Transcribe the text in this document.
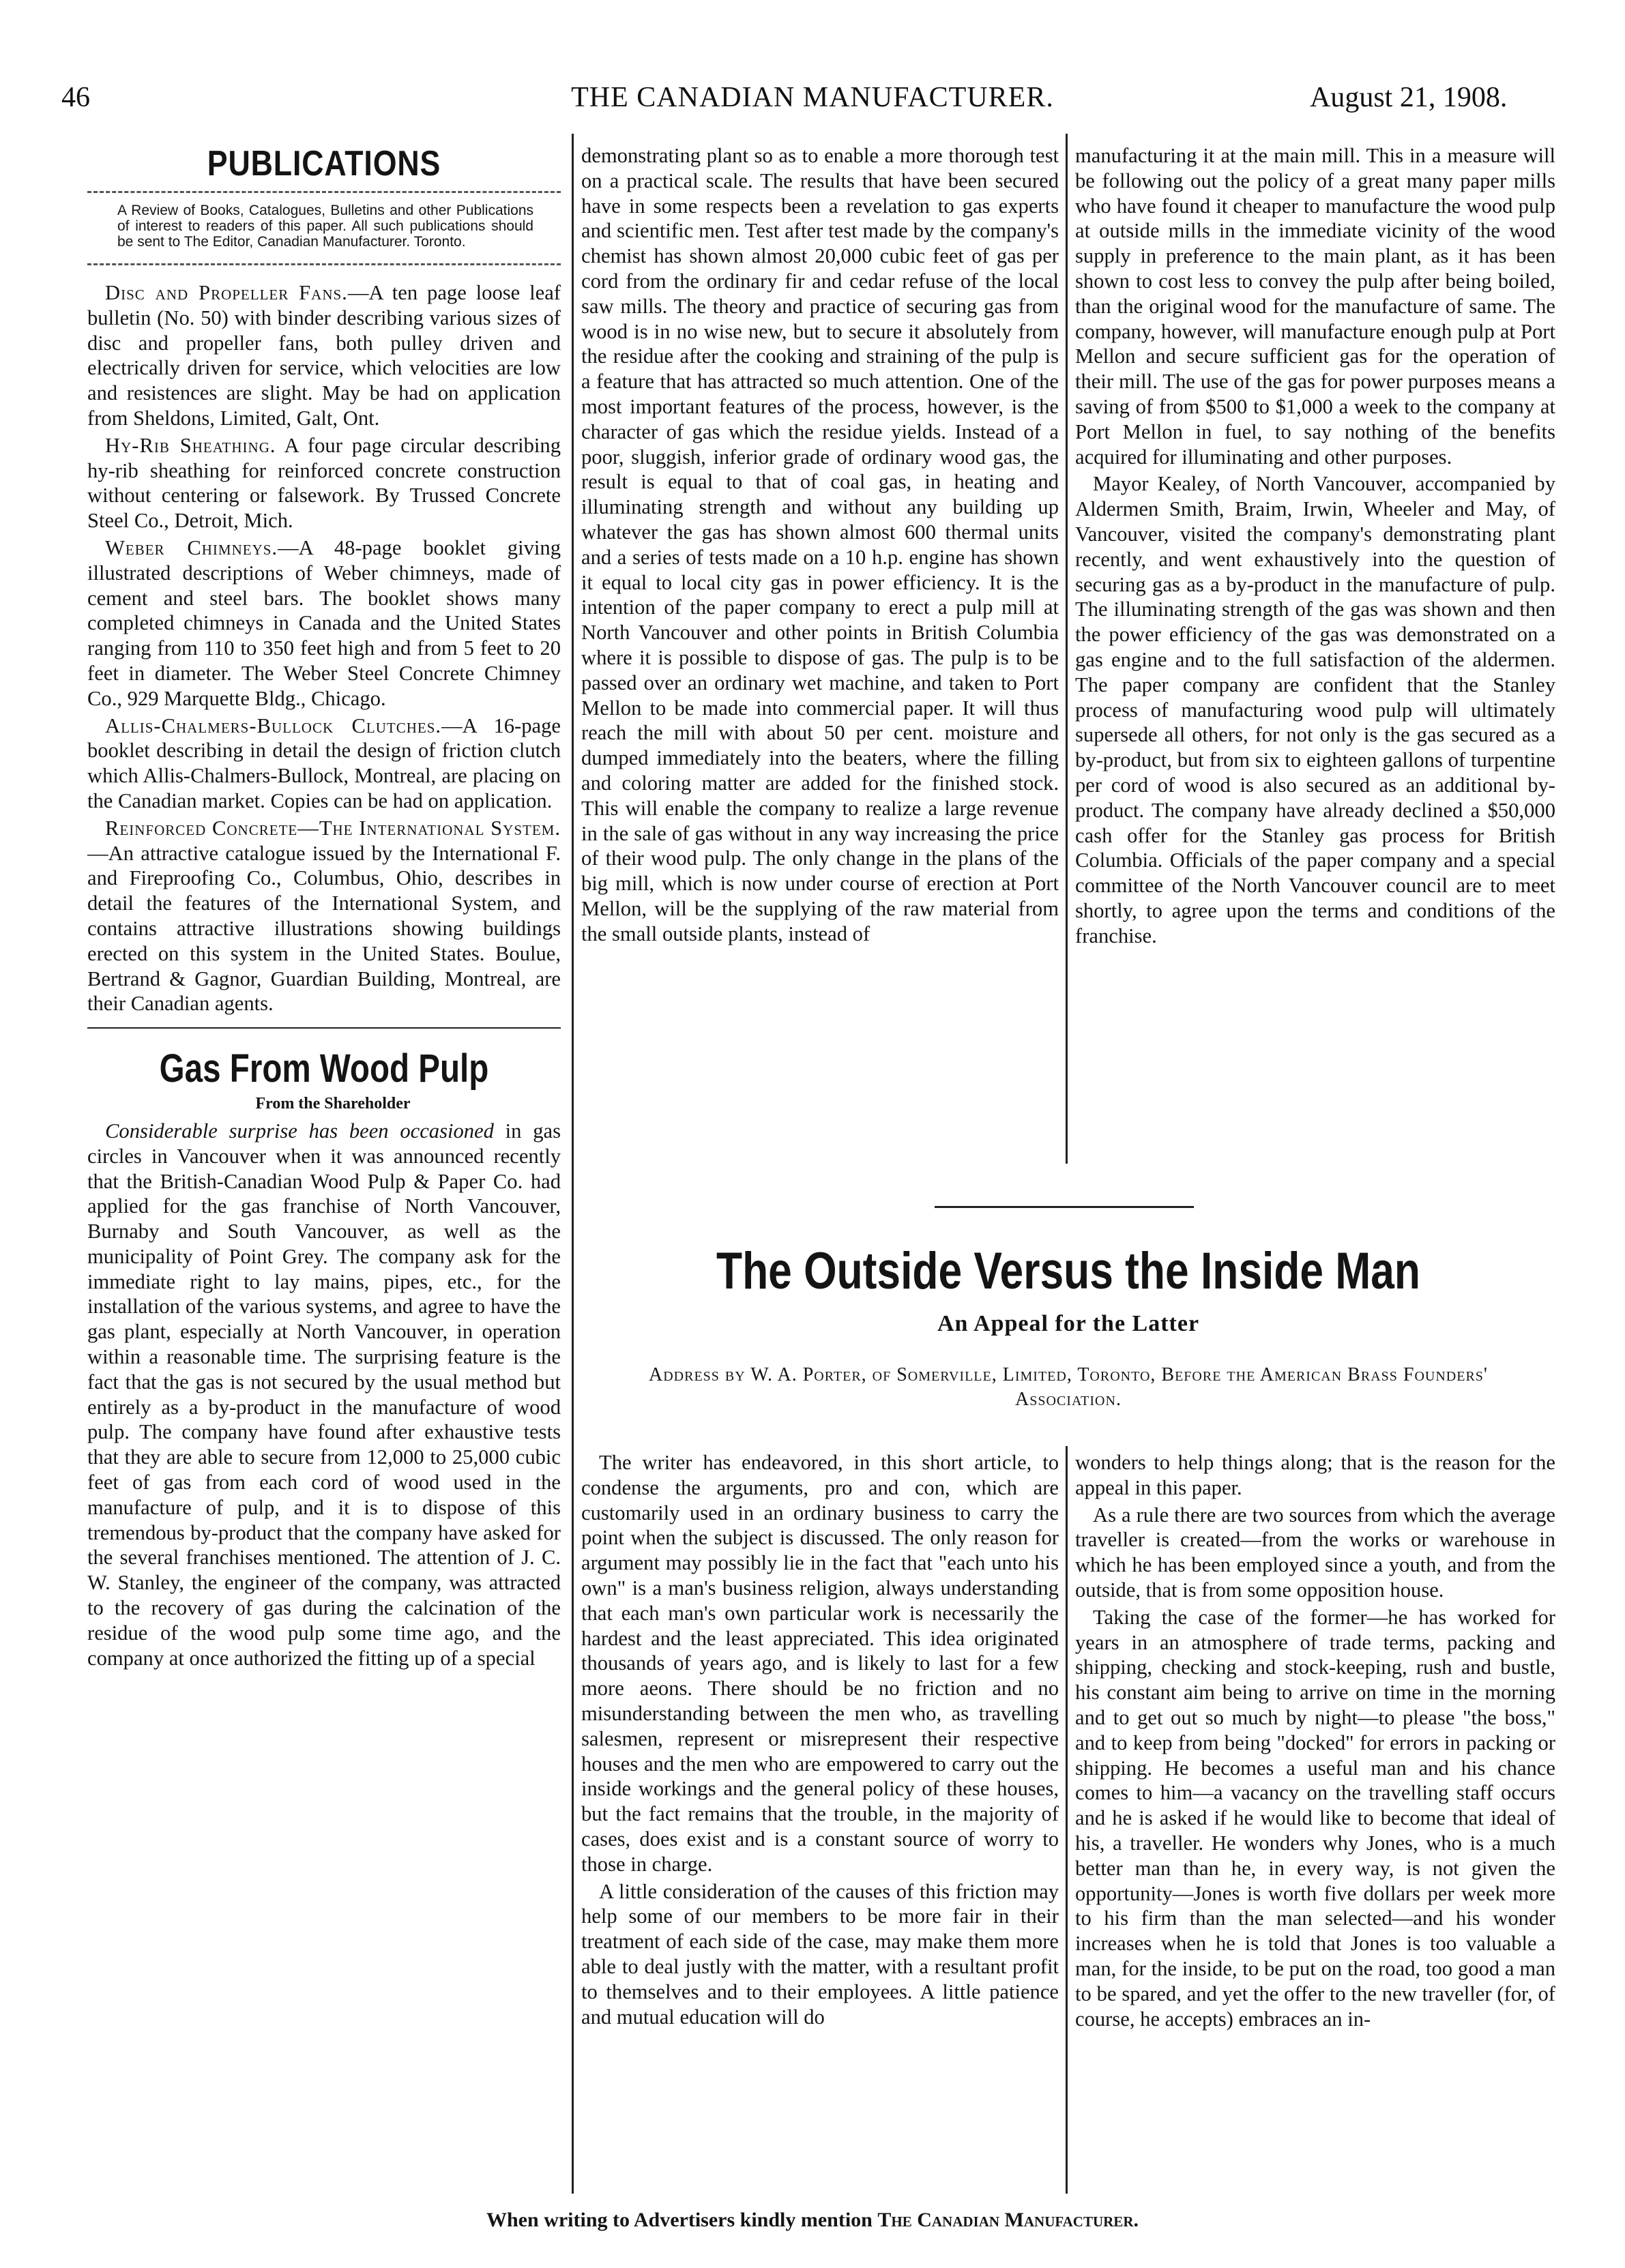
46	THE CANADIAN MANUFACTURER.	August 21, 1908.
PUBLICATIONS
A Review of Books, Catalogues, Bulletins and other Publications of interest to readers of this paper. All such publications should be sent to The Editor, Canadian Manufacturer. Toronto.

Disc and Propeller Fans.—A ten page loose leaf bulletin (No. 50) with binder describing various sizes of disc and propeller fans, both pulley driven and electrically driven for service, which velocities are low and resistences are slight. May be had on application from Sheldons, Limited, Galt, Ont.

Hy-Rib Sheathing. A four page circular describing hy-rib sheathing for reinforced concrete construction without centering or falsework. By Trussed Concrete Steel Co., Detroit, Mich.

Weber Chimneys.—A 48-page booklet giving illustrated descriptions of Weber chimneys, made of cement and steel bars. The booklet shows many completed chimneys in Canada and the United States ranging from 110 to 350 feet high and from 5 feet to 20 feet in diameter. The Weber Steel Concrete Chimney Co., 929 Marquette Bldg., Chicago.

Allis-Chalmers-Bullock Clutches.—A 16-page booklet describing in detail the design of friction clutch which Allis-Chalmers-Bullock, Montreal, are placing on the Canadian market. Copies can be had on application.

Reinforced Concrete—The International System.—An attractive catalogue issued by the International F. and Fireproofing Co., Columbus, Ohio, describes in detail the features of the International System, and contains attractive illustrations showing buildings erected on this system in the United States. Boulue, Bertrand & Gagnor, Guardian Building, Montreal, are their Canadian agents.

Gas From Wood Pulp

From the Shareholder

Considerable surprise has been occasioned in gas circles in Vancouver when it was announced recently that the British-Canadian Wood Pulp & Paper Co. had applied for the gas franchise of North Vancouver, Burnaby and South Vancouver, as well as the municipality of Point Grey. The company ask for the immediate right to lay mains, pipes, etc., for the installation of the various systems, and agree to have the gas plant, especially at North Vancouver, in operation within a reasonable time. The surprising feature is the fact that the gas is not secured by the usual method but entirely as a by-product in the manufacture of wood pulp. The company have found after exhaustive tests that they are able to secure from 12,000 to 25,000 cubic feet of gas from each cord of wood used in the manufacture of pulp, and it is to dispose of this tremendous by-product that the company have asked for the several franchises mentioned. The attention of J. C. W. Stanley, the engineer of the company, was attracted to the recovery of gas during the calcination of the residue of the wood pulp some time ago, and the company at once authorized the fitting up of a special

demonstrating plant so as to enable a more thorough test on a practical scale. The results that have been secured have in some respects been a revelation to gas experts and scientific men. Test after test made by the company's chemist has shown almost 20,000 cubic feet of gas per cord from the ordinary fir and cedar refuse of the local saw mills. The theory and practice of securing gas from wood is in no wise new, but to secure it absolutely from the residue after the cooking and straining of the pulp is a feature that has attracted so much attention. One of the most important features of the process, however, is the character of gas which the residue yields. Instead of a poor, sluggish, inferior grade of ordinary wood gas, the result is equal to that of coal gas, in heating and illuminating strength and without any building up whatever the gas has shown almost 600 thermal units and a series of tests made on a 10 h.p. engine has shown it equal to local city gas in power efficiency. It is the intention of the paper company to erect a pulp mill at North Vancouver and other points in British Columbia where it is possible to dispose of gas. The pulp is to be passed over an ordinary wet machine, and taken to Port Mellon to be made into commercial paper. It will thus reach the mill with about 50 per cent. moisture and dumped immediately into the beaters, where the filling and coloring matter are added for the finished stock. This will enable the company to realize a large revenue in the sale of gas without in any way increasing the price of their wood pulp. The only change in the plans of the big mill, which is now under course of erection at Port Mellon, will be the supplying of the raw material from the small outside plants, instead of

manufacturing it at the main mill. This in a measure will be following out the policy of a great many paper mills who have found it cheaper to manufacture the wood pulp at outside mills in the immediate vicinity of the wood supply in preference to the main plant, as it has been shown to cost less to convey the pulp after being boiled, than the original wood for the manufacture of same. The company, however, will manufacture enough pulp at Port Mellon and secure sufficient gas for the operation of their mill. The use of the gas for power purposes means a saving of from $500 to $1,000 a week to the company at Port Mellon in fuel, to say nothing of the benefits acquired for illuminating and other purposes.

Mayor Kealey, of North Vancouver, accompanied by Aldermen Smith, Braim, Irwin, Wheeler and May, of Vancouver, visited the company's demonstrating plant recently, and went exhaustively into the question of securing gas as a by-product in the manufacture of pulp. The illuminating strength of the gas was shown and then the power efficiency of the gas was demonstrated on a gas engine and to the full satisfaction of the aldermen. The paper company are confident that the Stanley process of manufacturing wood pulp will ultimately supersede all others, for not only is the gas secured as a by-product, but from six to eighteen gallons of turpentine per cord of wood is also secured as an additional by-product. The company have already declined a $50,000 cash offer for the Stanley gas process for British Columbia. Officials of the paper company and a special committee of the North Vancouver council are to meet shortly, to agree upon the terms and conditions of the franchise.

The Outside Versus the Inside Man

An Appeal for the Latter

Address by W. A. Porter, of Somerville, Limited, Toronto, Before the American Brass Founders' Association.

The writer has endeavored, in this short article, to condense the arguments, pro and con, which are customarily used in an ordinary business to carry the point when the subject is discussed. The only reason for argument may possibly lie in the fact that "each unto his own" is a man's business religion, always understanding that each man's own particular work is necessarily the hardest and the least appreciated. This idea originated thousands of years ago, and is likely to last for a few more aeons. There should be no friction and no misunderstanding between the men who, as travelling salesmen, represent or misrepresent their respective houses and the men who are empowered to carry out the inside workings and the general policy of these houses, but the fact remains that the trouble, in the majority of cases, does exist and is a constant source of worry to those in charge.

A little consideration of the causes of this friction may help some of our members to be more fair in their treatment of each side of the case, may make them more able to deal justly with the matter, with a resultant profit to themselves and to their employees. A little patience and mutual education will do

wonders to help things along; that is the reason for the appeal in this paper.

As a rule there are two sources from which the average traveller is created—from the works or warehouse in which he has been employed since a youth, and from the outside, that is from some opposition house.

Taking the case of the former—he has worked for years in an atmosphere of trade terms, packing and shipping, checking and stock-keeping, rush and bustle, his constant aim being to arrive on time in the morning and to get out so much by night—to please "the boss," and to keep from being "docked" for errors in packing or shipping. He becomes a useful man and his chance comes to him—a vacancy on the travelling staff occurs and he is asked if he would like to become that ideal of his, a traveller. He wonders why Jones, who is a much better man than he, in every way, is not given the opportunity—Jones is worth five dollars per week more to his firm than the man selected—and his wonder increases when he is told that Jones is too valuable a man, for the inside, to be put on the road, too good a man to be spared, and yet the offer to the new traveller (for, of course, he accepts) embraces an in-

When writing to Advertisers kindly mention The Canadian Manufacturer.
